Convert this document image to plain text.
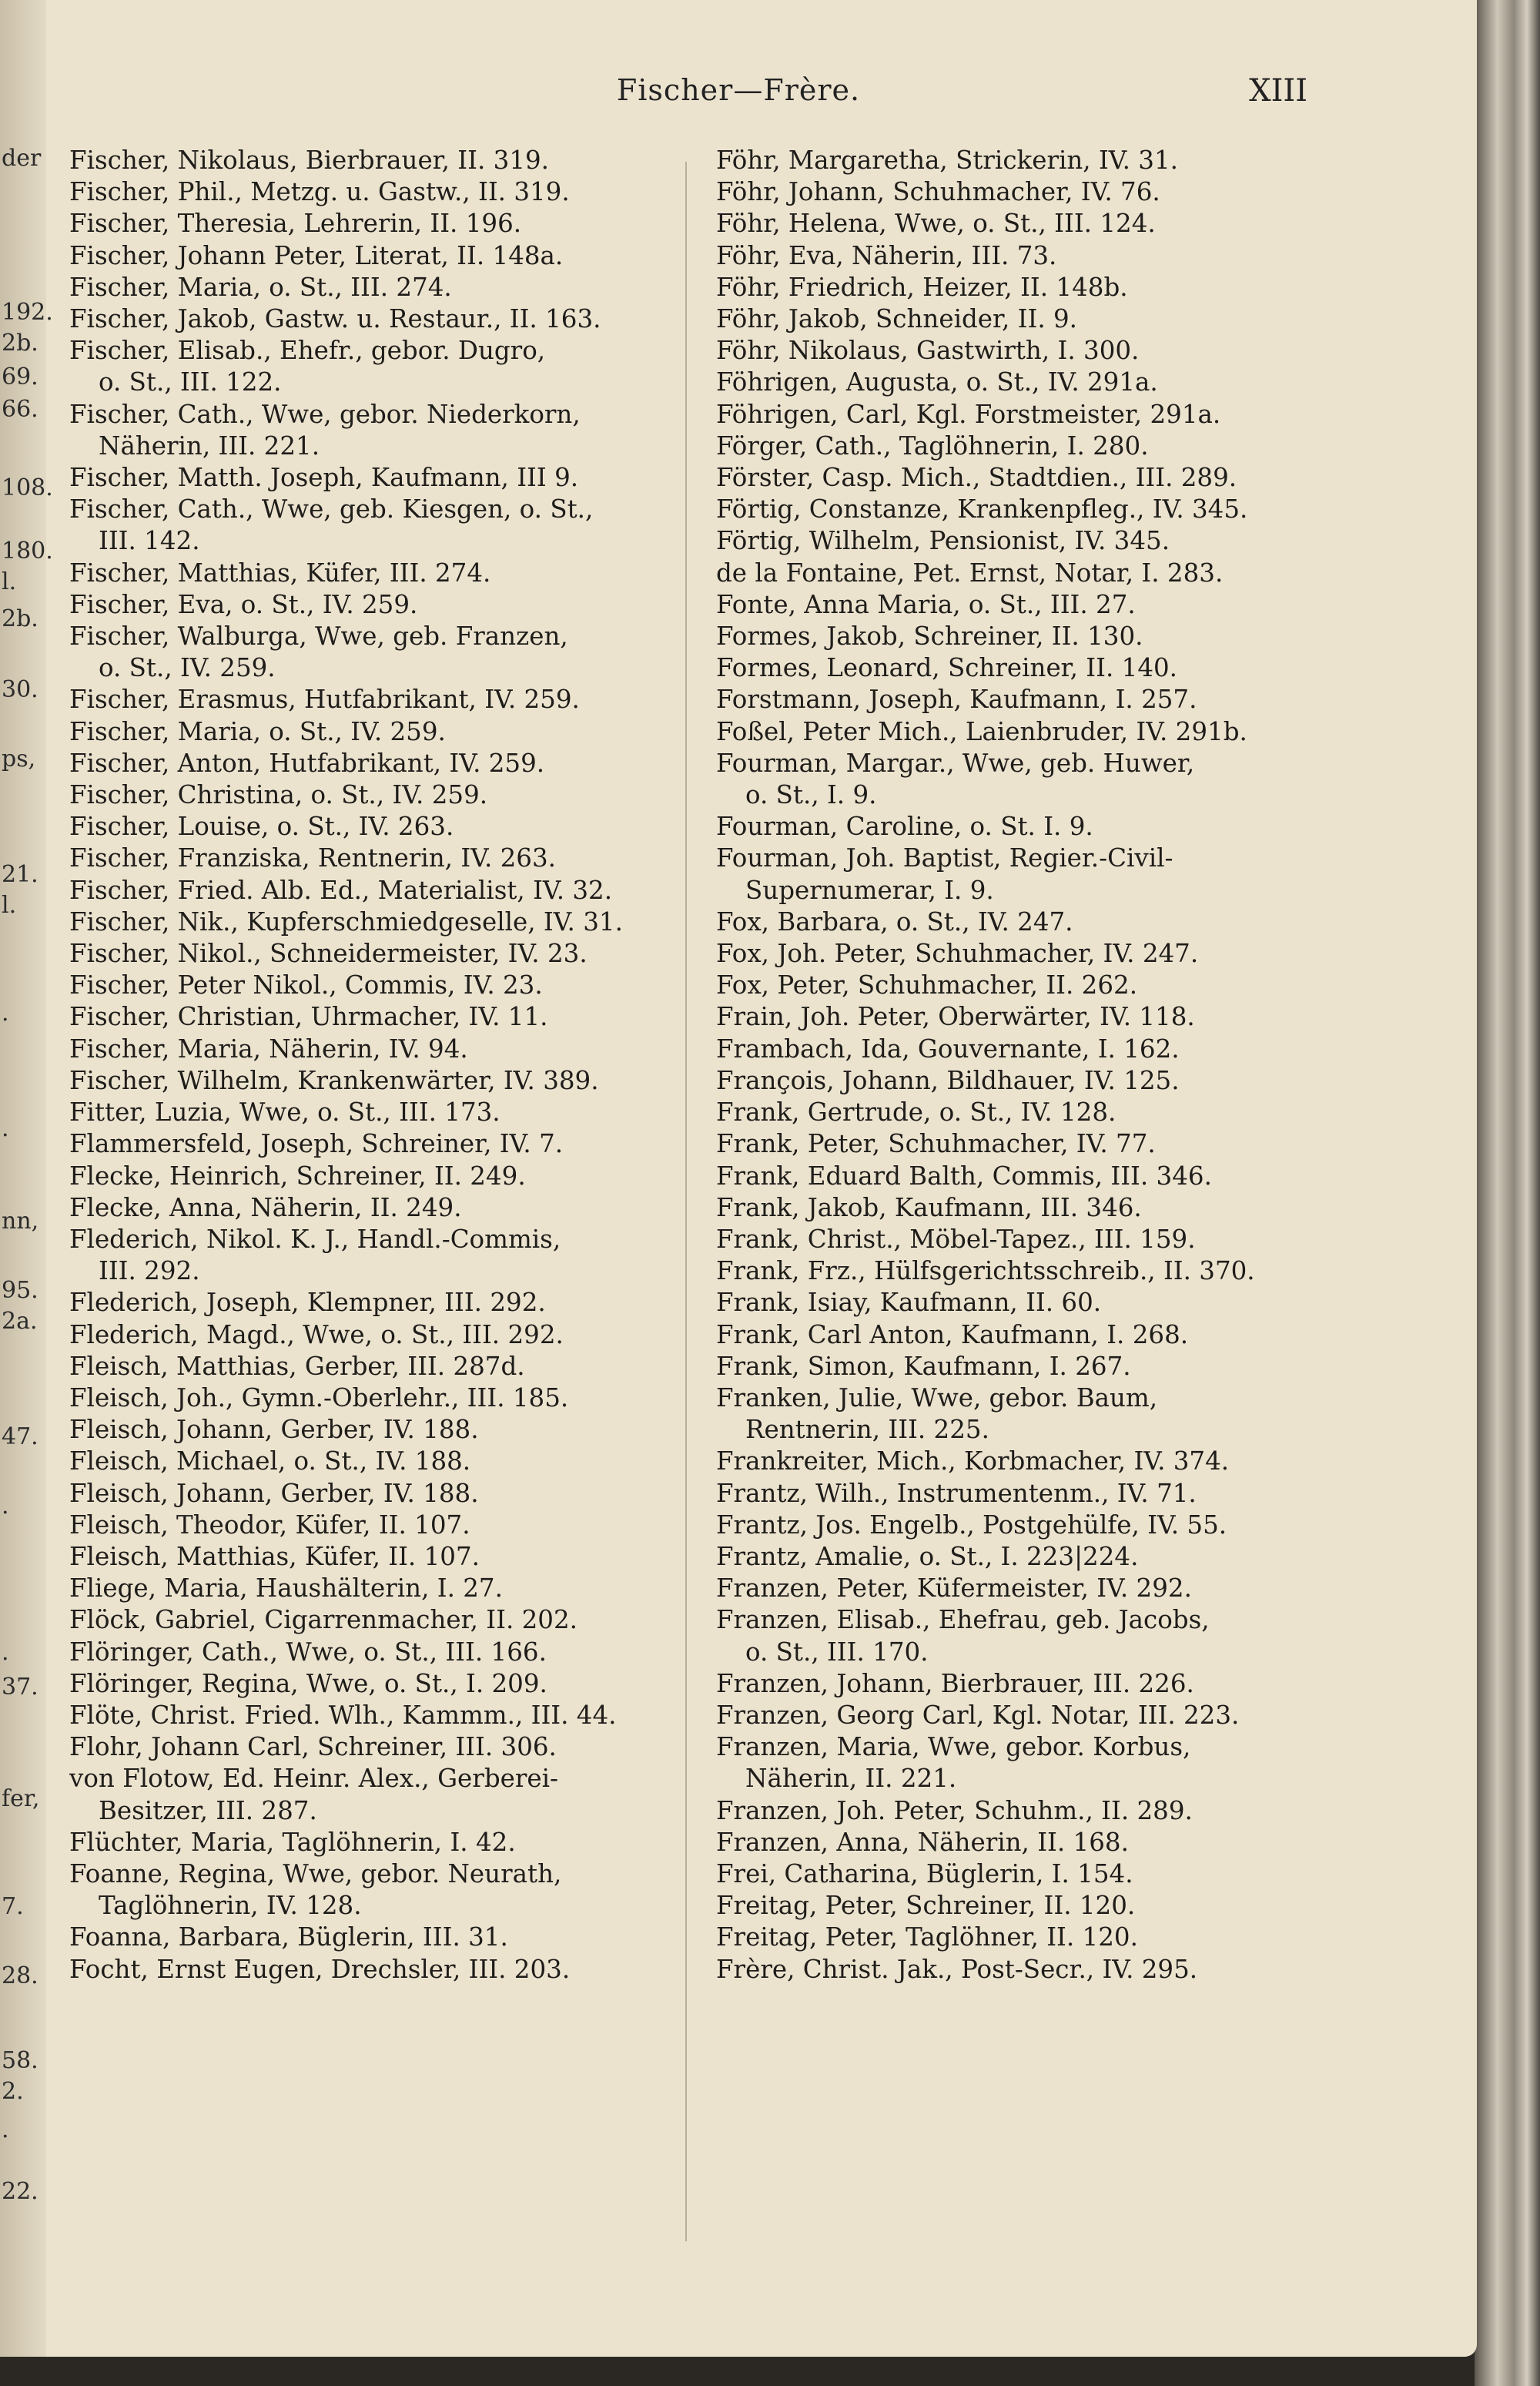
Fischer—Frère.	XIII
der
192.
2b.
69.
66.
108.
180.
l.
2b.
30.
ps,
21.
l.
.
.
nn,
95.
2a.
47.
.
.
37.
fer,
7.
28.
58.
2.
.
22.
Fischer, Nikolaus, Bierbrauer, II. 319.
Fischer, Phil., Metzg. u. Gastw., II. 319.
Fischer, Theresia, Lehrerin, II. 196.
Fischer, Johann Peter, Literat, II. 148a.
Fischer, Maria, o. St., III. 274.
Fischer, Jakob, Gastw. u. Restaur., II. 163.
Fischer, Elisab., Ehefr., gebor. Dugro,
o. St., III. 122.
Fischer, Cath., Wwe, gebor. Niederkorn,
Näherin, III. 221.
Fischer, Matth. Joseph, Kaufmann, III 9.
Fischer, Cath., Wwe, geb. Kiesgen, o. St.,
III. 142.
Fischer, Matthias, Küfer, III. 274.
Fischer, Eva, o. St., IV. 259.
Fischer, Walburga, Wwe, geb. Franzen,
o. St., IV. 259.
Fischer, Erasmus, Hutfabrikant, IV. 259.
Fischer, Maria, o. St., IV. 259.
Fischer, Anton, Hutfabrikant, IV. 259.
Fischer, Christina, o. St., IV. 259.
Fischer, Louise, o. St., IV. 263.
Fischer, Franziska, Rentnerin, IV. 263.
Fischer, Fried. Alb. Ed., Materialist, IV. 32.
Fischer, Nik., Kupferschmiedgeselle, IV. 31.
Fischer, Nikol., Schneidermeister, IV. 23.
Fischer, Peter Nikol., Commis, IV. 23.
Fischer, Christian, Uhrmacher, IV. 11.
Fischer, Maria, Näherin, IV. 94.
Fischer, Wilhelm, Krankenwärter, IV. 389.
Fitter, Luzia, Wwe, o. St., III. 173.
Flammersfeld, Joseph, Schreiner, IV. 7.
Flecke, Heinrich, Schreiner, II. 249.
Flecke, Anna, Näherin, II. 249.
Flederich, Nikol. K. J., Handl.-Commis,
III. 292.
Flederich, Joseph, Klempner, III. 292.
Flederich, Magd., Wwe, o. St., III. 292.
Fleisch, Matthias, Gerber, III. 287d.
Fleisch, Joh., Gymn.-Oberlehr., III. 185.
Fleisch, Johann, Gerber, IV. 188.
Fleisch, Michael, o. St., IV. 188.
Fleisch, Johann, Gerber, IV. 188.
Fleisch, Theodor, Küfer, II. 107.
Fleisch, Matthias, Küfer, II. 107.
Fliege, Maria, Haushälterin, I. 27.
Flöck, Gabriel, Cigarrenmacher, II. 202.
Flöringer, Cath., Wwe, o. St., III. 166.
Flöringer, Regina, Wwe, o. St., I. 209.
Flöte, Christ. Fried. Wlh., Kammm., III. 44.
Flohr, Johann Carl, Schreiner, III. 306.
von Flotow, Ed. Heinr. Alex., Gerberei-
Besitzer, III. 287.
Flüchter, Maria, Taglöhnerin, I. 42.
Foanne, Regina, Wwe, gebor. Neurath,
Taglöhnerin, IV. 128.
Foanna, Barbara, Büglerin, III. 31.
Focht, Ernst Eugen, Drechsler, III. 203.
Föhr, Margaretha, Strickerin, IV. 31.
Föhr, Johann, Schuhmacher, IV. 76.
Föhr, Helena, Wwe, o. St., III. 124.
Föhr, Eva, Näherin, III. 73.
Föhr, Friedrich, Heizer, II. 148b.
Föhr, Jakob, Schneider, II. 9.
Föhr, Nikolaus, Gastwirth, I. 300.
Föhrigen, Augusta, o. St., IV. 291a.
Föhrigen, Carl, Kgl. Forstmeister, 291a.
Förger, Cath., Taglöhnerin, I. 280.
Förster, Casp. Mich., Stadtdien., III. 289.
Förtig, Constanze, Krankenpfleg., IV. 345.
Förtig, Wilhelm, Pensionist, IV. 345.
de la Fontaine, Pet. Ernst, Notar, I. 283.
Fonte, Anna Maria, o. St., III. 27.
Formes, Jakob, Schreiner, II. 130.
Formes, Leonard, Schreiner, II. 140.
Forstmann, Joseph, Kaufmann, I. 257.
Foßel, Peter Mich., Laienbruder, IV. 291b.
Fourman, Margar., Wwe, geb. Huwer,
o. St., I. 9.
Fourman, Caroline, o. St. I. 9.
Fourman, Joh. Baptist, Regier.-Civil-
Supernumerar, I. 9.
Fox, Barbara, o. St., IV. 247.
Fox, Joh. Peter, Schuhmacher, IV. 247.
Fox, Peter, Schuhmacher, II. 262.
Frain, Joh. Peter, Oberwärter, IV. 118.
Frambach, Ida, Gouvernante, I. 162.
François, Johann, Bildhauer, IV. 125.
Frank, Gertrude, o. St., IV. 128.
Frank, Peter, Schuhmacher, IV. 77.
Frank, Eduard Balth, Commis, III. 346.
Frank, Jakob, Kaufmann, III. 346.
Frank, Christ., Möbel-Tapez., III. 159.
Frank, Frz., Hülfsgerichtsschreib., II. 370.
Frank, Isiay, Kaufmann, II. 60.
Frank, Carl Anton, Kaufmann, I. 268.
Frank, Simon, Kaufmann, I. 267.
Franken, Julie, Wwe, gebor. Baum,
Rentnerin, III. 225.
Frankreiter, Mich., Korbmacher, IV. 374.
Frantz, Wilh., Instrumentenm., IV. 71.
Frantz, Jos. Engelb., Postgehülfe, IV. 55.
Frantz, Amalie, o. St., I. 223|224.
Franzen, Peter, Küfermeister, IV. 292.
Franzen, Elisab., Ehefrau, geb. Jacobs,
o. St., III. 170.
Franzen, Johann, Bierbrauer, III. 226.
Franzen, Georg Carl, Kgl. Notar, III. 223.
Franzen, Maria, Wwe, gebor. Korbus,
Näherin, II. 221.
Franzen, Joh. Peter, Schuhm., II. 289.
Franzen, Anna, Näherin, II. 168.
Frei, Catharina, Büglerin, I. 154.
Freitag, Peter, Schreiner, II. 120.
Freitag, Peter, Taglöhner, II. 120.
Frère, Christ. Jak., Post-Secr., IV. 295.
